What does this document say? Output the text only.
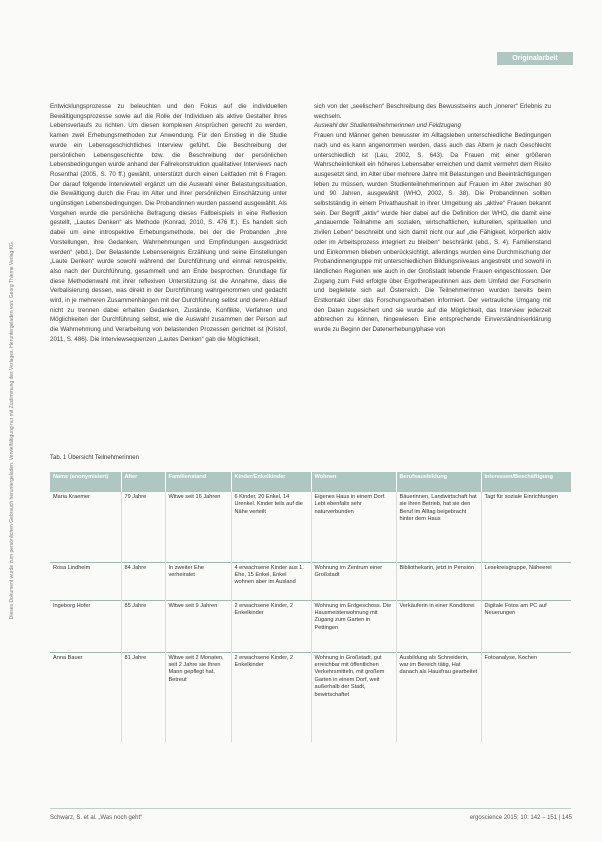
Originalarbeit
Dieses Dokument wurde zum persönlichen Gebrauch heruntergeladen. Vervielfältigung nur mit Zustimmung des Verlages. Heruntergeladen von: Georg Thieme Verlag KG.

Entwicklungsprozesse zu beleuchten und den Fokus auf die individuellen Bewältigungsprozesse sowie auf die Rolle der Individuen als aktive Gestalter ihres Lebensverlaufs zu richten. Um diesen komplexen Ansprüchen gerecht zu werden, kamen zwei Erhebungsmethoden zur Anwendung. Für den Einstieg in die Studie wurde ein Lebensgeschichtliches Interview geführt. Die Beschreibung der persönlichen Lebensgeschichte bzw. die Beschreibung der persönlichen Lebensbedingungen wurde anhand der Fallrekonstruktion qualitativer Interviews nach Rosenthal (2005, S. 70 ff.) gewählt, unterstützt durch einen Leitfaden mit 6 Fragen. Der darauf folgende Interviewteil ergänzt um die Auswahl einer Belastungssituation, die Bewältigung durch die Frau im Alter und ihrer persönlichen Einschätzung unter ungünstigen Lebensbedingungen. Die Probandinnen wurden passend ausgewählt. Als Vorgehen wurde die persönliche Befragung dieses Fallbeispiels in eine Reflexion gestellt, „Lautes Denken“ als Methode (Konrad, 2010, S. 476 ff.). Es handelt sich dabei um eine introspektive Erhebungsmethode, bei der die Probanden „ihre Vorstellungen, ihre Gedanken, Wahrnehmungen und Empfindungen ausgedrückt werden“ (ebd.). Der Belastende Lebensereignis Erzählung und seine Einstellungen „Laute Denken“ wurde sowohl während der Durchführung und einmal retrospektiv, also nach der Durchführung, gesammelt und am Ende besprochen. Grundlage für diese Methodenwahl mit ihrer reflexiven Unterstützung ist die Annahme, dass die Verbalisierung dessen, was direkt in der Durchführung wahrgenommen und gedacht wird, in je mehreren Zusammenhängen mit der Durchführung selbst und deren Ablauf nicht zu trennen dabei erhalten Gedanken, Zustände, Konflikte, Verfahren und Möglichkeiten der Durchführung selbst, wie die Auswahl zusammen der Person auf die Wahrnehmung und Verarbeitung von belastenden Prozessen gerichtet ist (Kristof, 2011, S. 486). Die Interviewsequenzen „Lautes Denken“ gab die Möglichkeit,

sich von der „seelischen“ Beschreibung des Bewusstseins auch „innerer“ Erlebnis zu wechseln.

Auswahl der Studienteilnehmerinnen und Feldzugang

Frauen und Männer gehen bewusster im Alltagsleben unterschiedliche Bedingungen nach und es kann angenommen werden, dass auch das Altern je nach Geschlecht unterschiedlich ist (Lau, 2002, S. 643). Da Frauen mit einer größeren Wahrscheinlichkeit ein höheres Lebensalter erreichen und damit vermehrt dem Risiko ausgesetzt sind, im Alter über mehrere Jahre mit Belastungen und Beeinträchtigungen leben zu müssen, wurden Studienteilnehmerinnen auf Frauen im Alter zwischen 80 und 90 Jahren, ausgewählt (WHO, 2002, S. 38). Die Probandinnen sollten selbstständig in einem Privathaushalt in ihrer Umgebung als „aktive“ Frauen bekannt sein. Der Begriff „aktiv“ wurde hier dabei auf die Definition der WHO, die damit eine „andauernde Teilnahme am sozialen, wirtschaftlichen, kulturellen, spirituellen und zivilen Leben“ beschreibt und sich damit nicht nur auf „die Fähigkeit, körperlich aktiv oder im Arbeitsprozess integriert zu bleiben“ beschränkt (ebd., S. 4). Familienstand und Einkommen blieben unberücksichtigt, allerdings wurden eine Durchmischung der Probandinnengruppe mit unterschiedlichen Bildungsniveaus angestrebt und sowohl in ländlichen Regionen wie auch in der Großstadt lebende Frauen eingeschlossen. Der Zugang zum Feld erfolgte über Ergotherapeutinnen aus dem Umfeld der Forscherin und begleitete sich auf Österreich. Die Teilnehmerinnen wurden bereits beim Erstkontakt über das Forschungsvorhaben informiert. Der vertrauliche Umgang mit den Daten zugesichert und sie wurde auf die Möglichkeit, das Interview jederzeit abbrechen zu können, hingewiesen. Eine entsprechende Einverständniserklärung wurde zu Beginn der Datenerhebung/phase von

Tab. 1 Übersicht Teilnehmerinnen
Name (anonymisiert)	Alter	Familienstand	Kinder/Enkelkinder	Wohnen	Berufsausbildung	Interessen/Beschäftigung
Maria Kraemer	79 Jahre	Witwe seit 16 Jahren	6 Kinder, 20 Enkel, 14 Urenkel. Kinder teils auf die Nähe verteilt	Eigenes Haus in einem Dorf. Lebt ebenfalls sehr naturverbunden	Bäuerinnen, Landwirtschaft hat sie ihren Betrieb, hat sie den Beruf im Alltag beigebracht hinter dem Haus	Tagt für soziale Einrichtungen
Rosa Lindheim	84 Jahre	In zweiter Ehe verheiratet	4 erwachsene Kinder aus 1. Ehe, 15 Enkel, Enkel wohnen aber im Ausland	Wohnung im Zentrum einer Großstadt	Bibliothekarin, jetzt in Pension	Lesekreisgruppe, Näheerei
Ingeborg Hofer	85 Jahre	Witwe seit 9 Jahren	2 erwachsene Kinder, 2 Enkelkinder	Wohnung im Erdgeschoss. Die Hausmeisterwohnung mit Zugang zum Garten in Pettingen	Verkäuferin in einer Konditorei	Digitale Fotos am PC auf Neuerungen
Anna Bauer	81 Jahre	Witwe seit 2 Monaten, seit 2 Jahre sie Ihren Mann gepflegt hat, Betreut	2 erwachsene Kinder, 2 Enkelkinder	Wohnung in Großstadt, gut erreichbar mit öffentlichen Verkehrsmitteln, mit großem Garten in einem Dorf, weit außerhalb der Stadt, bewirtschaftet	Ausbildung als Schneiderin, war im Bereich tätig, Hat danach als Hausfrau gearbeitet	Fotoanalyse, Kochen
Schwarz, S. et al. „Was noch geht“	ergoscience 2015; 10: 142 – 151 | 145
